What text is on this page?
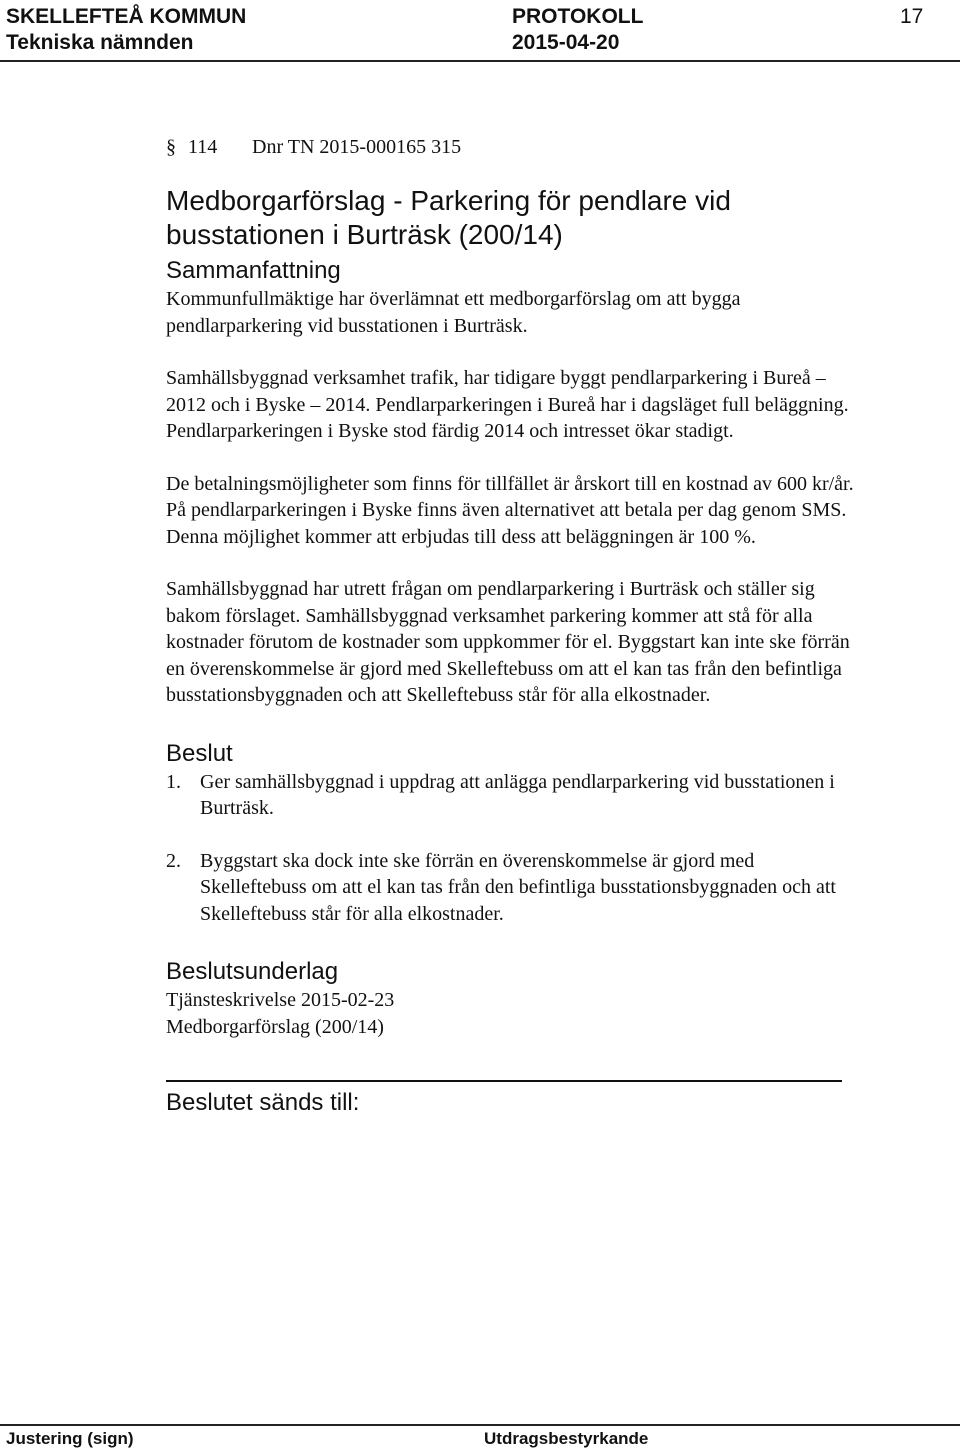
SKELLEFTEÅ KOMMUN
Tekniska nämnden
PROTOKOLL
2015-04-20
17
§ 114 Dnr TN 2015-000165 315
Medborgarförslag - Parkering för pendlare vid busstationen i Burträsk (200/14)
Sammanfattning

Kommunfullmäktige har överlämnat ett medborgarförslag om att bygga pendlarparkering vid busstationen i Burträsk.

Samhällsbyggnad verksamhet trafik, har tidigare byggt pendlarparkering i Bureå – 2012 och i Byske – 2014. Pendlarparkeringen i Bureå har i dagsläget full beläggning. Pendlarparkeringen i Byske stod färdig 2014 och intresset ökar stadigt.

De betalningsmöjligheter som finns för tillfället är årskort till en kostnad av 600 kr/år. På pendlarparkeringen i Byske finns även alternativet att betala per dag genom SMS. Denna möjlighet kommer att erbjudas till dess att beläggningen är 100 %.

Samhällsbyggnad har utrett frågan om pendlarparkering i Burträsk och ställer sig bakom förslaget. Samhällsbyggnad verksamhet parkering kommer att stå för alla kostnader förutom de kostnader som uppkommer för el. Byggstart kan inte ske förrän en överenskommelse är gjord med Skelleftebuss om att el kan tas från den befintliga busstationsbyggnaden och att Skelleftebuss står för alla elkostnader.

Beslut
1. Ger samhällsbyggnad i uppdrag att anlägga pendlarparkering vid busstationen i Burträsk.
2. Byggstart ska dock inte ske förrän en överenskommelse är gjord med Skelleftebuss om att el kan tas från den befintliga busstationsbyggnaden och att Skelleftebuss står för alla elkostnader.
Beslutsunderlag

Tjänsteskrivelse 2015-02-23

Medborgarförslag (200/14)

Beslutet sänds till:
Justering (sign)	Utdragsbestyrkande
